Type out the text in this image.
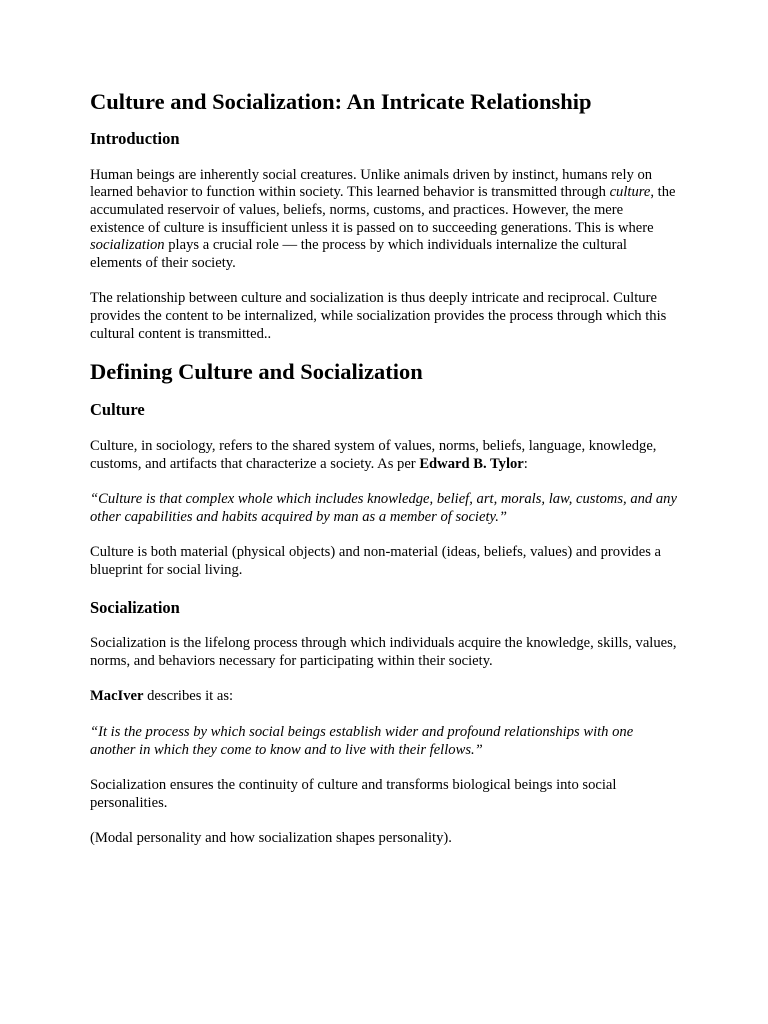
Culture and Socialization: An Intricate Relationship
Introduction

Human beings are inherently social creatures. Unlike animals driven by instinct, humans rely on learned behavior to function within society. This learned behavior is transmitted through culture, the accumulated reservoir of values, beliefs, norms, customs, and practices. However, the mere existence of culture is insufficient unless it is passed on to succeeding generations. This is where socialization plays a crucial role — the process by which individuals internalize the cultural elements of their society.

The relationship between culture and socialization is thus deeply intricate and reciprocal. Culture provides the content to be internalized, while socialization provides the process through which this cultural content is transmitted..

Defining Culture and Socialization
Culture

Culture, in sociology, refers to the shared system of values, norms, beliefs, language, knowledge, customs, and artifacts that characterize a society. As per Edward B. Tylor:

“Culture is that complex whole which includes knowledge, belief, art, morals, law, customs, and any other capabilities and habits acquired by man as a member of society.”

Culture is both material (physical objects) and non-material (ideas, beliefs, values) and provides a blueprint for social living.

Socialization

Socialization is the lifelong process through which individuals acquire the knowledge, skills, values, norms, and behaviors necessary for participating within their society.

MacIver describes it as:

“It is the process by which social beings establish wider and profound relationships with one another in which they come to know and to live with their fellows.”

Socialization ensures the continuity of culture and transforms biological beings into social personalities.

(Modal personality and how socialization shapes personality).
